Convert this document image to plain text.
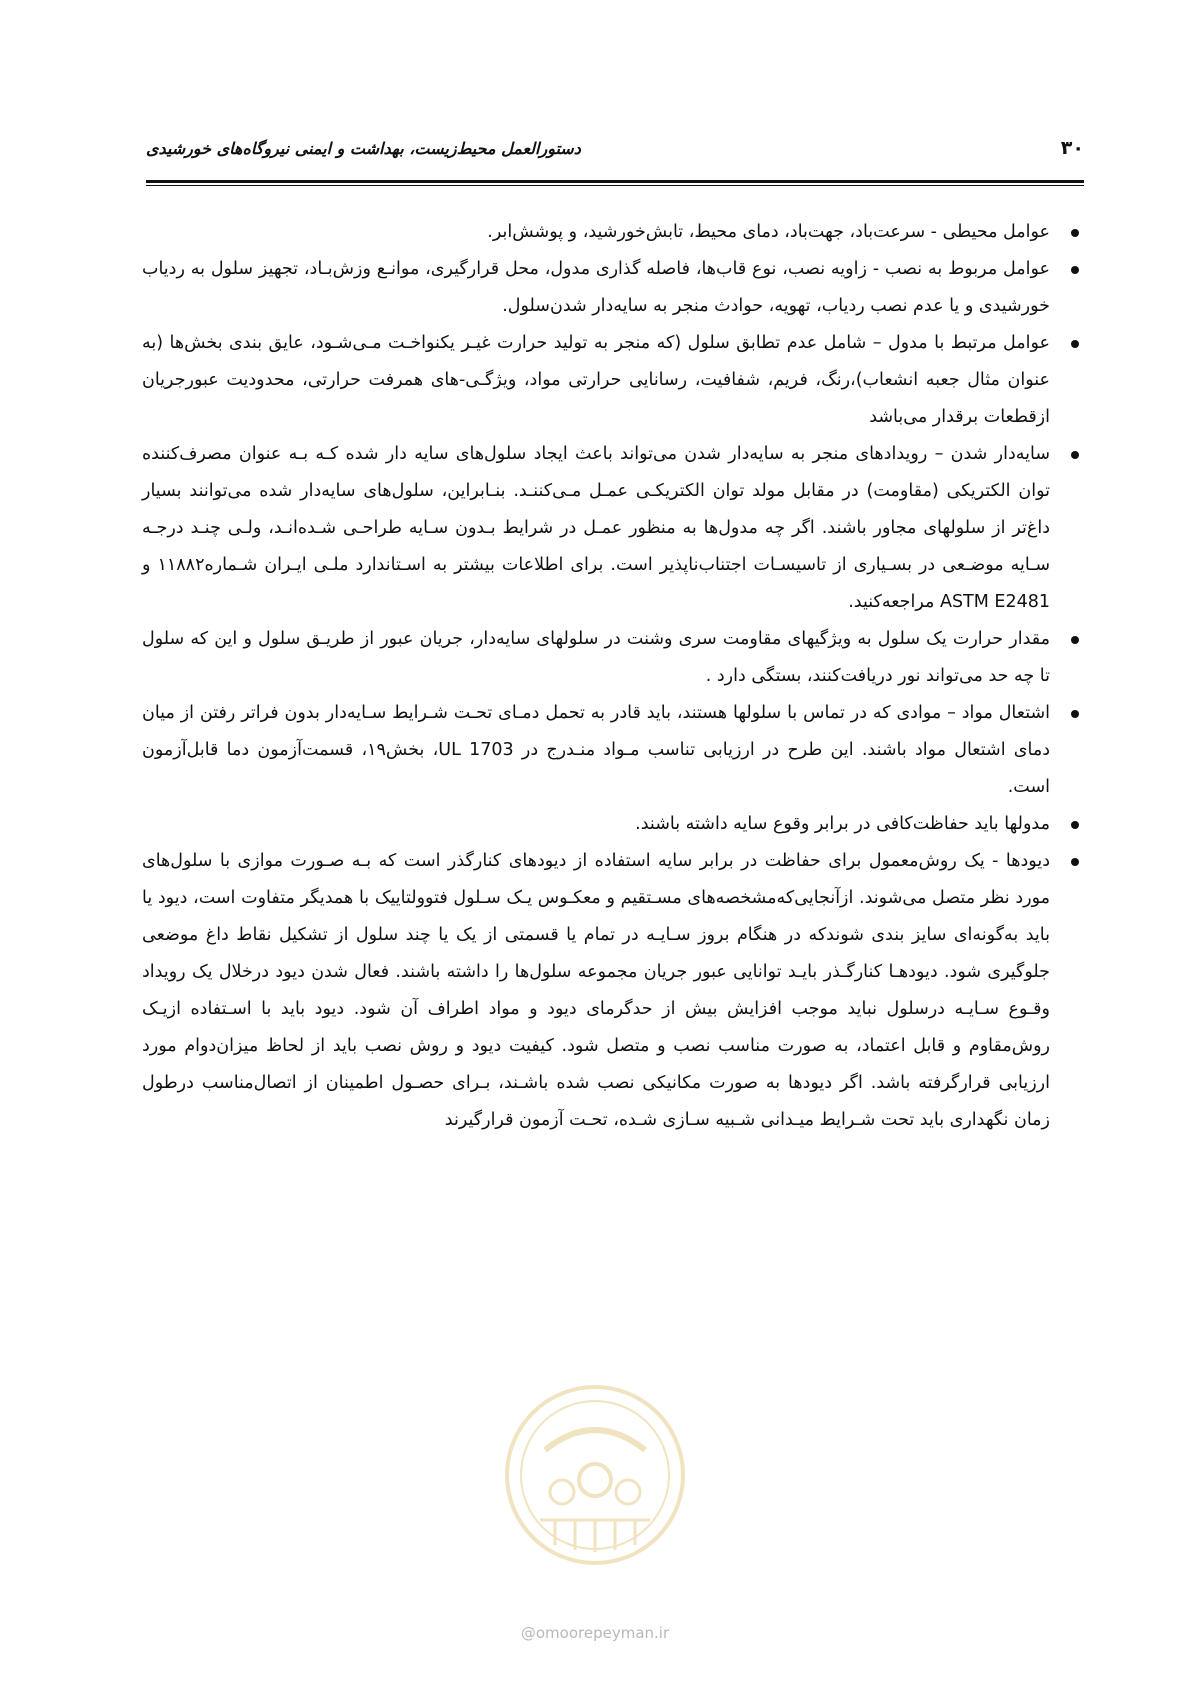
۳۰
دستورالعمل محیط‌زیست، بهداشت و ایمنی نیروگاه‌های خورشیدی
عوامل محیطی - سرعت‌باد، جهت‌باد، دمای محیط، تابش‌خورشید، و پوشش‌ابر.
عوامل مربوط به نصب - زاویه نصب، نوع قاب‌ها، فاصله گذاری مدول، محل قرارگیری، موانـع وزش‌بـاد، تجهیز سلول به ردیاب خورشیدی و یا عدم نصب ردیاب، تهویه، حوادث منجر به سایه‌دار شدن‌سلول.
عوامل مرتبط با مدول – شامل عدم تطابق سلول (که منجر به تولید حرارت غیـر یکنواخـت مـی‌شـود، عایق بندی بخش‌ها (به عنوان مثال جعبه انشعاب)،رنگ، فریم، شفافیت، رسانایی حرارتی مواد، ویژگـی-های همرفت حرارتی، محدودیت عبورجریان ازقطعات برقدار می‌باشد
سایه‌دار شدن – رویدادهای منجر به سایه‌دار شدن می‌تواند باعث ایجاد سلول‌های سایه دار شده کـه بـه عنوان مصرف‌کننده توان الکتریکی (مقاومت) در مقابل مولد توان الکتریکـی عمـل مـی‌کننـد. بنـابراین، سلول‌های سایه‌دار شده می‌توانند بسیار داغ‌تر از سلولهای مجاور باشند. اگر چه مدول‌ها به منظور عمـل در شرایط بـدون سـایه طراحـی شـده‌انـد، ولـی چنـد درجـه سـایه موضـعی در بسـیاری از تاسیسـات اجتناب‌ناپذیر است. برای اطلاعات بیشتر به اسـتاندارد ملـی ایـران شـماره۱۱۸۸۲ و ASTM E2481 مراجعه‌کنید.
مقدار حرارت یک سلول به ویژگیهای مقاومت سری وشنت در سلولهای سایه‌دار، جریان عبور از طریـق سلول و این که سلول تا چه حد می‌تواند نور دریافت‌کنند، بستگی دارد .
اشتعال مواد – موادی که در تماس با سلولها هستند، باید قادر به تحمل دمـای تحـت شـرایط سـایه‌دار بدون فراتر رفتن از میان دمای اشتعال مواد باشند. این طرح در ارزیابی تناسب مـواد منـدرج در 1703 UL، بخش۱۹، قسمت‌آزمون دما قابل‌آزمون است.
مدولها باید حفاظت‌کافی در برابر وقوع سایه داشته باشند.
دیودها - یک روش‌معمول برای حفاظت در برابر سایه استفاده از دیودهای کنارگذر است که بـه صـورت موازی با سلول‌های مورد نظر متصل می‌شوند. ازآنجایی‌که‌مشخصه‌های مسـتقیم و معکـوس یـک سـلول فتوولتاییک با همدیگر متفاوت است، دیود یا باید به‌گونه‌ای سایز بندی شوندکه در هنگام بروز سـایـه در تمام یا قسمتی از یک یا چند سلول از تشکیل نقاط داغ موضعی جلوگیری شود. دیودهـا کنارگـذر بایـد توانایی عبور جریان مجموعه سلول‌ها را داشته باشند. فعال شدن دیود درخلال یک رویداد وقـوع سـایـه درسلول نباید موجب افزایش بیش از حدگرمای دیود و مواد اطراف آن شود. دیود باید با اسـتفاده ازیـک روش‌مقاوم و قابل اعتماد، به صورت مناسب نصب و متصل شود. کیفیت دیود و روش نصب باید از لحاظ میزان‌دوام مورد ارزیابی قرارگرفته باشد. اگر دیودها به صورت مکانیکی نصب شده باشـند، بـرای حصـول اطمینان از اتصال‌مناسب درطول زمان نگهداری باید تحت شـرایط میـدانی شـبیه سـازی شـده، تحـت آزمون قرارگیرند
@omoorepeyman.ir
